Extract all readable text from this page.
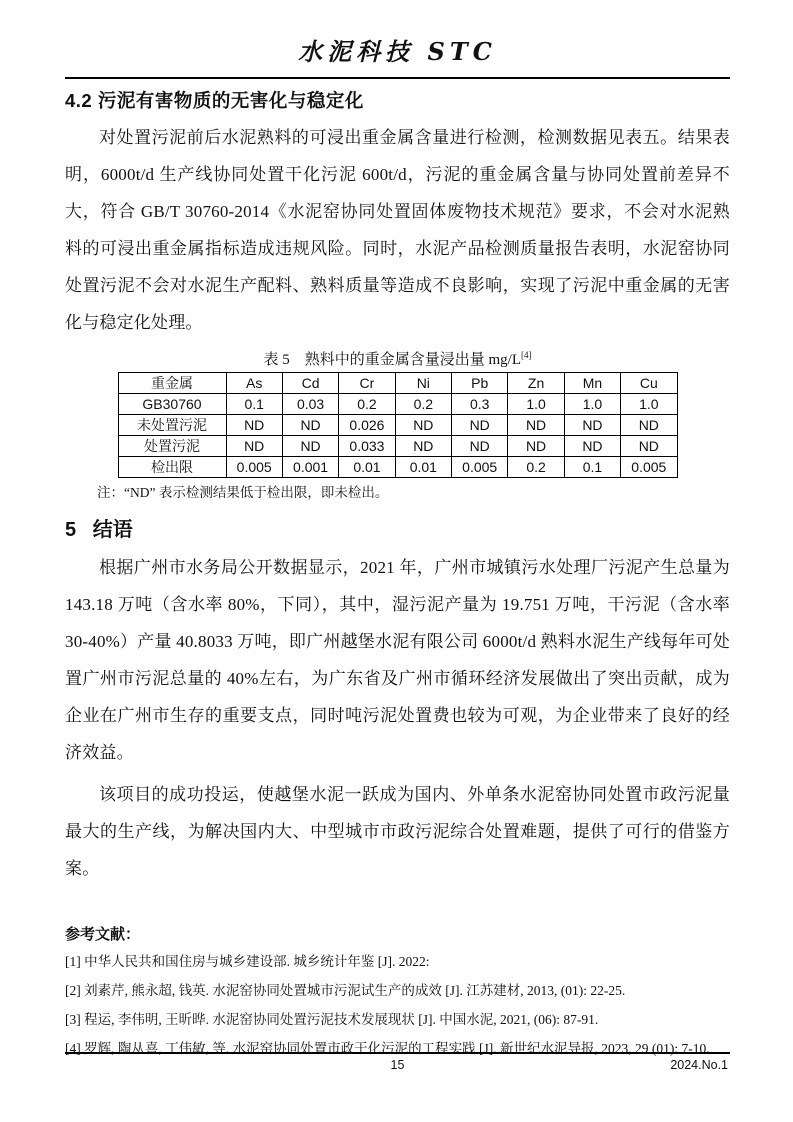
水泥科技 STC
4.2 污泥有害物质的无害化与稳定化

对处置污泥前后水泥熟料的可浸出重金属含量进行检测，检测数据见表五。结果表明，6000t/d 生产线协同处置干化污泥 600t/d，污泥的重金属含量与协同处置前差异不大，符合 GB/T 30760-2014《水泥窑协同处置固体废物技术规范》要求，不会对水泥熟料的可浸出重金属指标造成违规风险。同时，水泥产品检测质量报告表明，水泥窑协同处置污泥不会对水泥生产配料、熟料质量等造成不良影响，实现了污泥中重金属的无害化与稳定化处理。

表 5　熟料中的重金属含量浸出量 mg/L[4]
重金属	As	Cd	Cr	Ni	Pb	Zn	Mn	Cu
GB30760	0.1	0.03	0.2	0.2	0.3	1.0	1.0	1.0
未处置污泥	ND	ND	0.026	ND	ND	ND	ND	ND
处置污泥	ND	ND	0.033	ND	ND	ND	ND	ND
检出限	0.005	0.001	0.01	0.01	0.005	0.2	0.1	0.005
注：“ND” 表示检测结果低于检出限，即未检出。
5   结语

根据广州市水务局公开数据显示，2021 年，广州市城镇污水处理厂污泥产生总量为 143.18 万吨（含水率 80%，下同），其中，湿污泥产量为 19.751 万吨，干污泥（含水率 30-40%）产量 40.8033 万吨，即广州越堡水泥有限公司 6000t/d 熟料水泥生产线每年可处置广州市污泥总量的 40%左右，为广东省及广州市循环经济发展做出了突出贡献，成为企业在广州市生存的重要支点，同时吨污泥处置费也较为可观，为企业带来了良好的经济效益。

该项目的成功投运，使越堡水泥一跃成为国内、外单条水泥窑协同处置市政污泥量最大的生产线，为解决国内大、中型城市市政污泥综合处置难题，提供了可行的借鉴方案。

参考文献：
[1] 中华人民共和国住房与城乡建设部. 城乡统计年鉴 [J]. 2022:
[2] 刘素芹, 熊永超, 钱英. 水泥窑协同处置城市污泥试生产的成效 [J]. 江苏建材, 2013, (01): 22-25.
[3] 程运, 李伟明, 王昕晔. 水泥窑协同处置污泥技术发展现状 [J]. 中国水泥, 2021, (06): 87-91.
[4] 罗辉, 陶从喜, 丁伟敏, 等. 水泥窑协同处置市政干化污泥的工程实践 [J]. 新世纪水泥导报, 2023, 29 (01): 7-10.
15	2024.No.1
